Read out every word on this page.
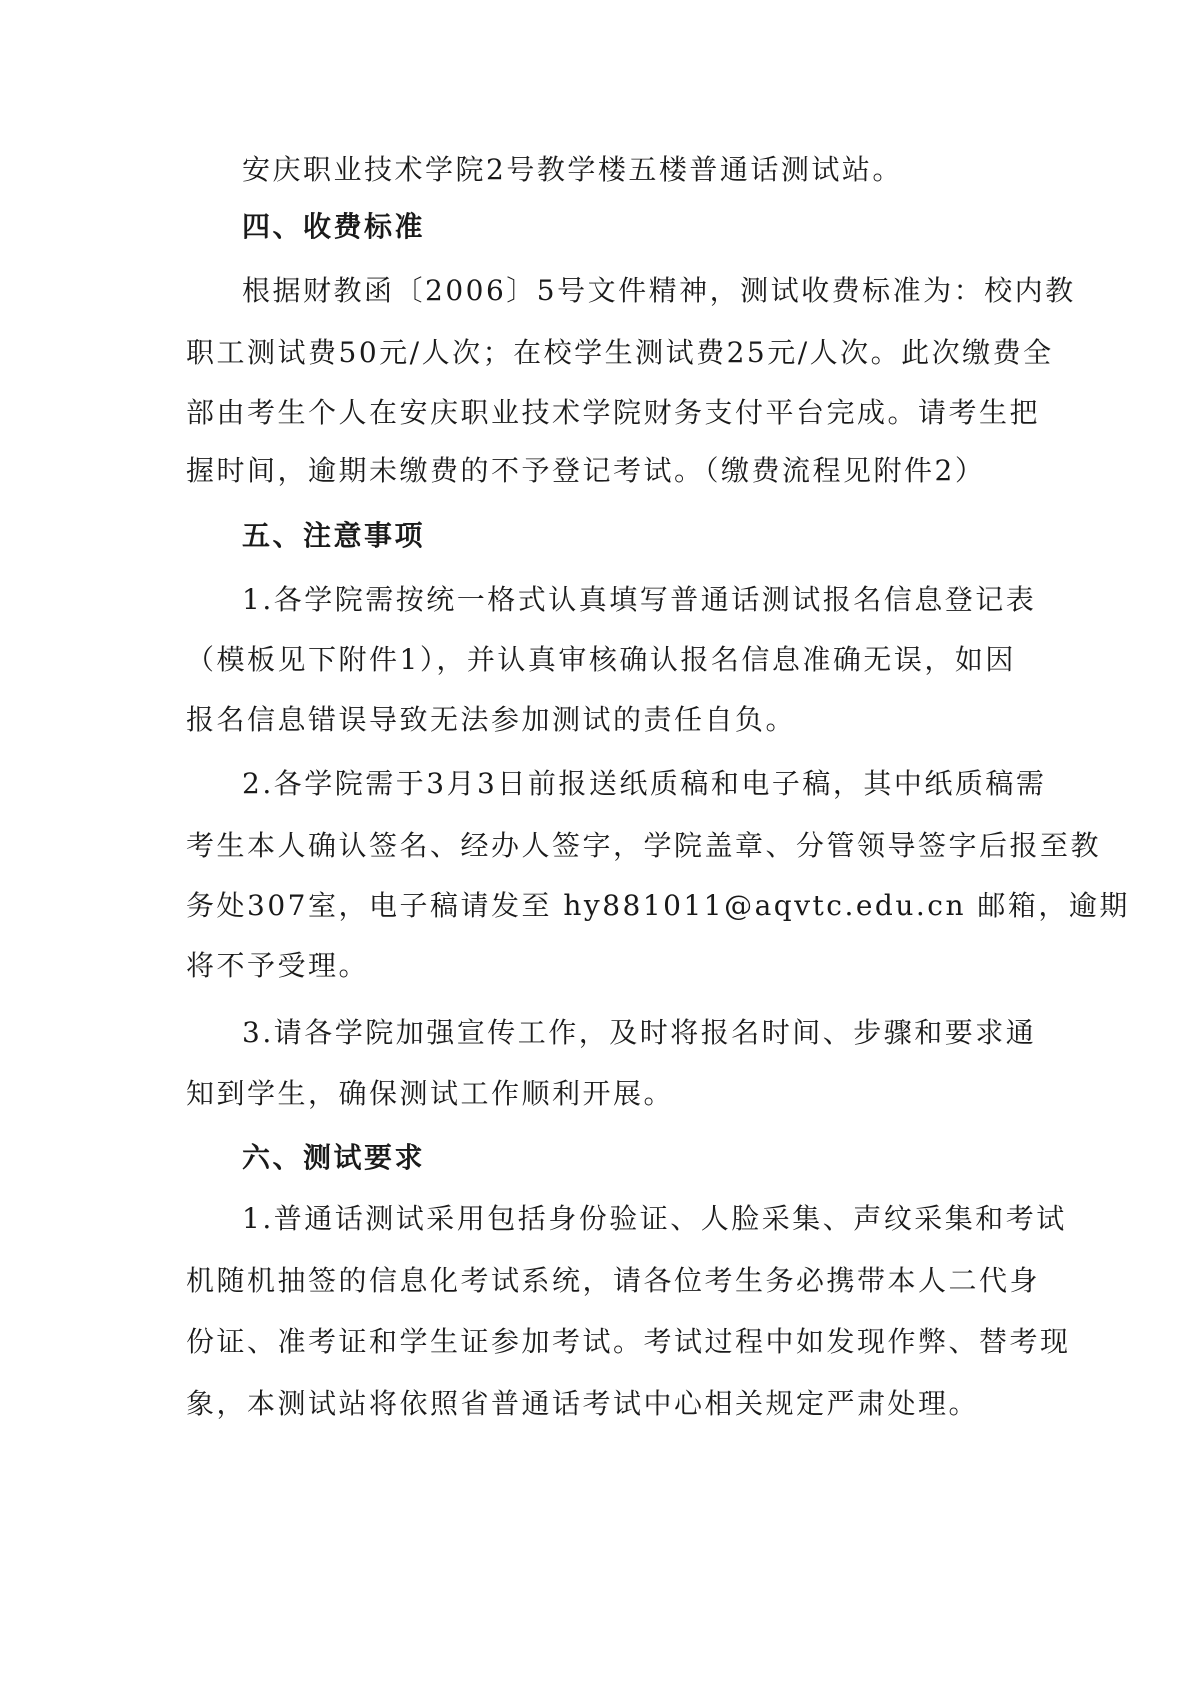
安庆职业技术学院2号教学楼五楼普通话测试站。

四、收费标准

根据财教函〔2006〕5号文件精神，测试收费标准为：校内教

职工测试费50元/人次；在校学生测试费25元/人次。此次缴费全

部由考生个人在安庆职业技术学院财务支付平台完成。请考生把

握时间，逾期未缴费的不予登记考试。（缴费流程见附件2）

五、注意事项

1.各学院需按统一格式认真填写普通话测试报名信息登记表

（模板见下附件1），并认真审核确认报名信息准确无误，如因

报名信息错误导致无法参加测试的责任自负。

2.各学院需于3月3日前报送纸质稿和电子稿，其中纸质稿需

考生本人确认签名、经办人签字，学院盖章、分管领导签字后报至教

务处307室，电子稿请发至 hy881011@aqvtc.edu.cn 邮箱，逾期

将不予受理。

3.请各学院加强宣传工作，及时将报名时间、步骤和要求通

知到学生，确保测试工作顺利开展。

六、测试要求

1.普通话测试采用包括身份验证、人脸采集、声纹采集和考试

机随机抽签的信息化考试系统，请各位考生务必携带本人二代身

份证、准考证和学生证参加考试。考试过程中如发现作弊、替考现

象，本测试站将依照省普通话考试中心相关规定严肃处理。
